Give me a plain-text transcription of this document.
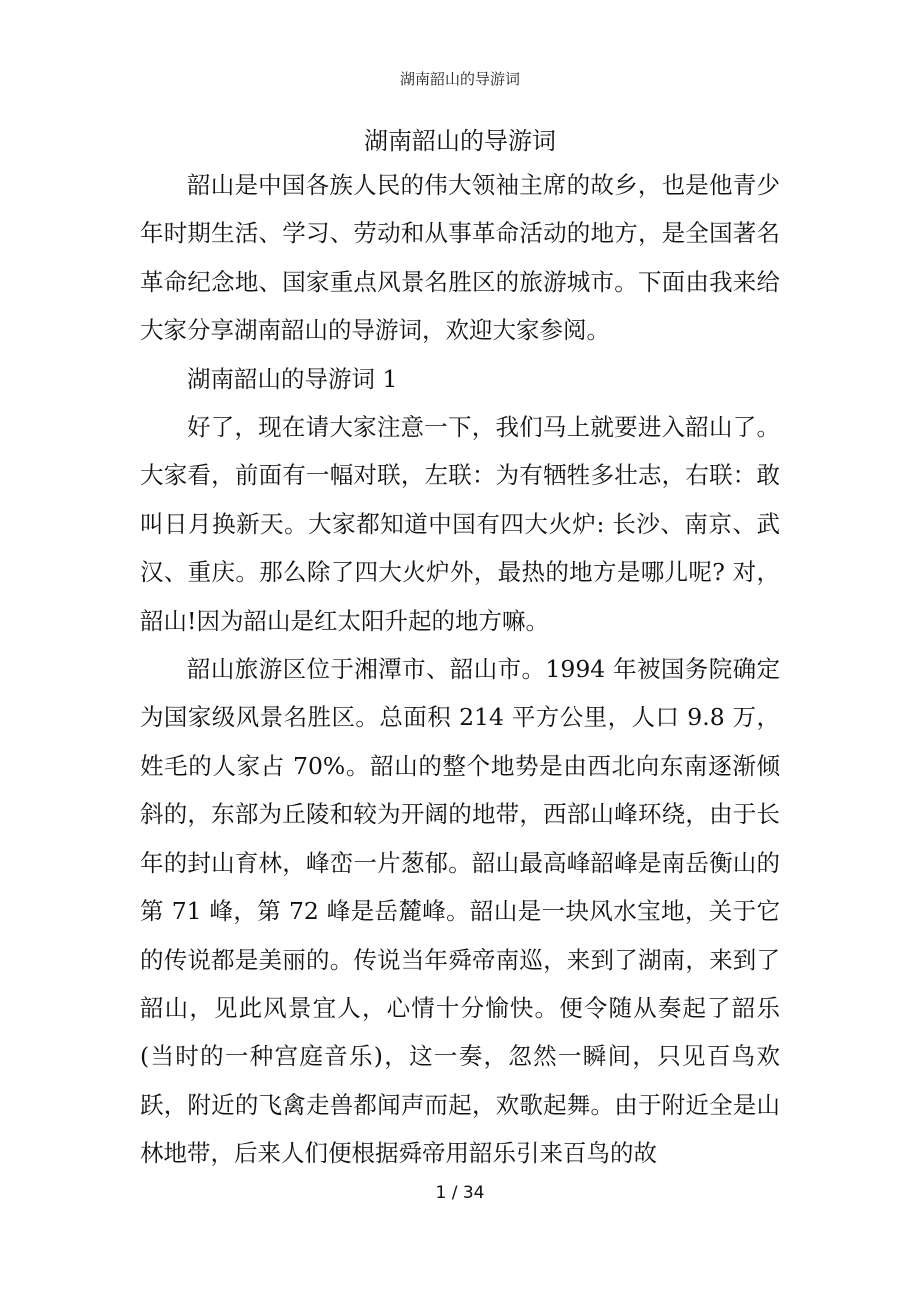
湖南韶山的导游词
湖南韶山的导游词

韶山是中国各族人民的伟大领袖主席的故乡，也是他青少年时期生活、学习、劳动和从事革命活动的地方，是全国著名革命纪念地、国家重点风景名胜区的旅游城市。下面由我来给大家分享湖南韶山的导游词，欢迎大家参阅。

湖南韶山的导游词 1

好了，现在请大家注意一下，我们马上就要进入韶山了。大家看，前面有一幅对联，左联：为有牺牲多壮志，右联：敢叫日月换新天。大家都知道中国有四大火炉: 长沙、南京、武汉、重庆。那么除了四大火炉外，最热的地方是哪儿呢? 对，韶山!因为韶山是红太阳升起的地方嘛。

韶山旅游区位于湘潭市、韶山市。1994 年被国务院确定为国家级风景名胜区。总面积 214 平方公里，人口 9.8 万，姓毛的人家占 70%。韶山的整个地势是由西北向东南逐渐倾斜的，东部为丘陵和较为开阔的地带，西部山峰环绕，由于长年的封山育林，峰峦一片葱郁。韶山最高峰韶峰是南岳衡山的第 71 峰，第 72 峰是岳麓峰。韶山是一块风水宝地，关于它的传说都是美丽的。传说当年舜帝南巡，来到了湖南，来到了韶山，见此风景宜人，心情十分愉快。便令随从奏起了韶乐(当时的一种宫庭音乐)，这一奏，忽然一瞬间，只见百鸟欢跃，附近的飞禽走兽都闻声而起，欢歌起舞。由于附近全是山林地带，后来人们便根据舜帝用韶乐引来百鸟的故

1 / 34
